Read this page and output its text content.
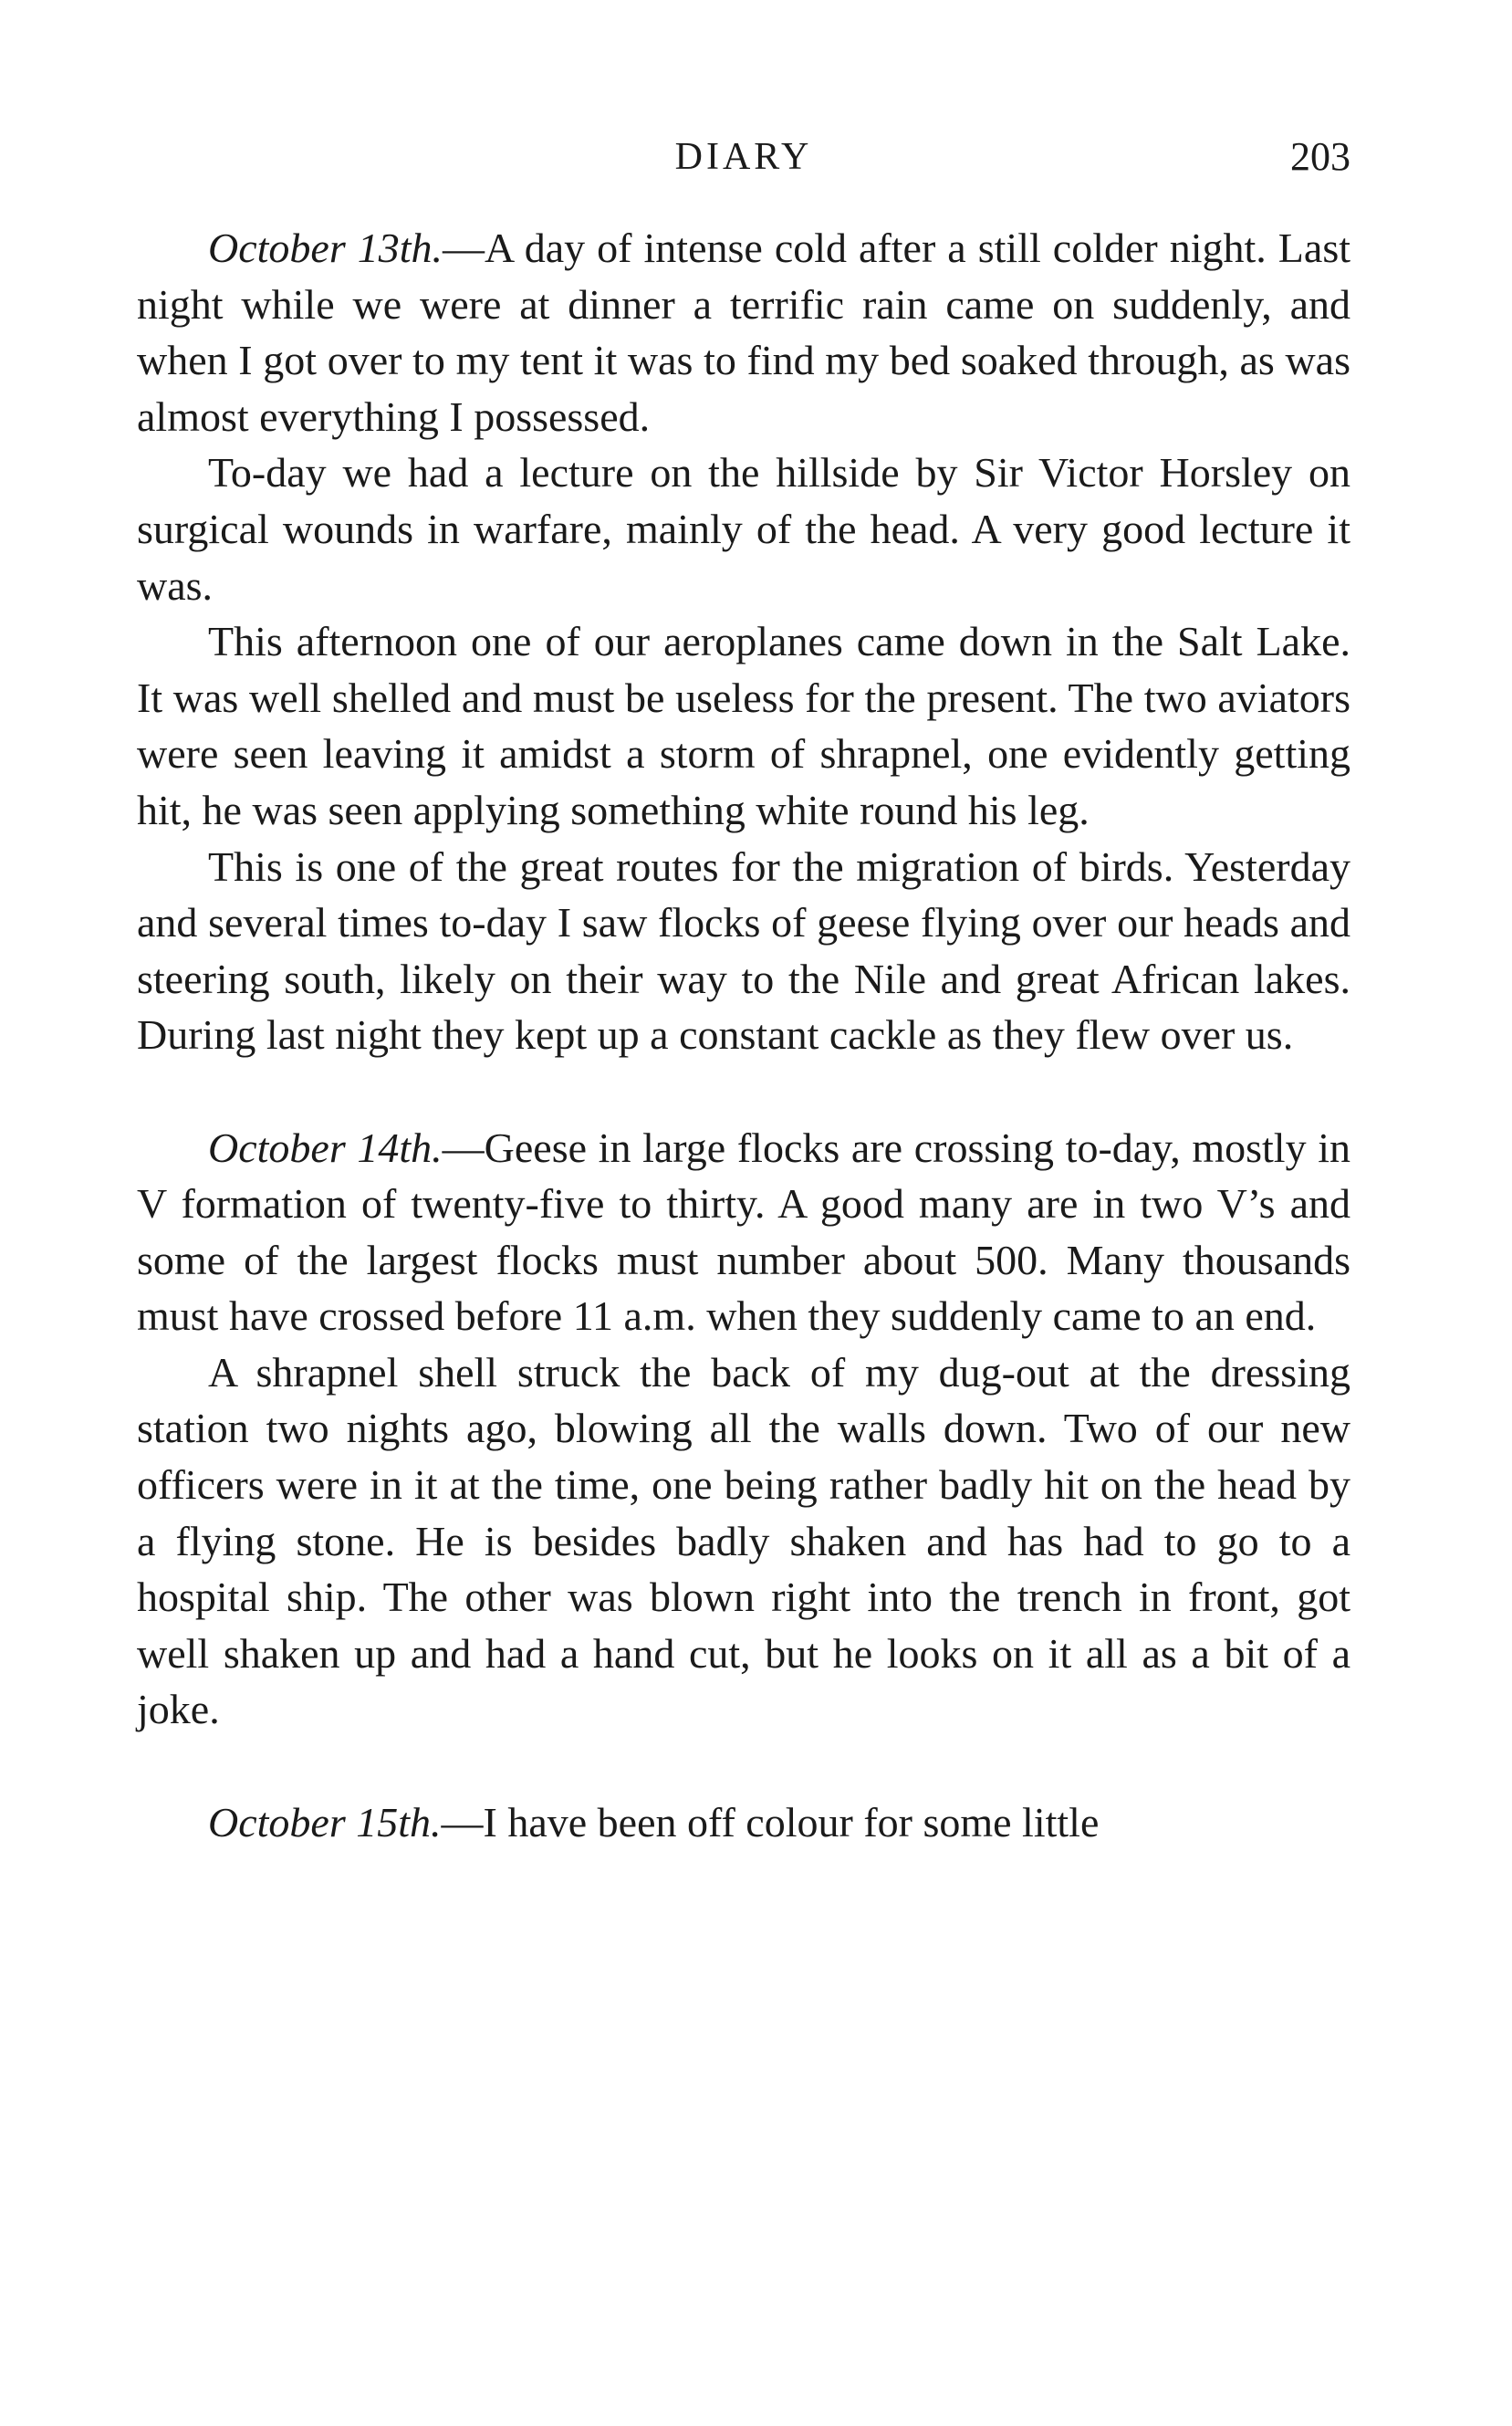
DIARY	203

October 13th.—A day of intense cold after a still colder night. Last night while we were at dinner a terrific rain came on suddenly, and when I got over to my tent it was to find my bed soaked through, as was almost everything I possessed.

To-day we had a lecture on the hillside by Sir Victor Horsley on surgical wounds in warfare, mainly of the head. A very good lecture it was.

This afternoon one of our aeroplanes came down in the Salt Lake. It was well shelled and must be useless for the present. The two aviators were seen leaving it amidst a storm of shrapnel, one evidently getting hit, he was seen applying something white round his leg.

This is one of the great routes for the migration of birds. Yesterday and several times to-day I saw flocks of geese flying over our heads and steering south, likely on their way to the Nile and great African lakes. During last night they kept up a constant cackle as they flew over us.

October 14th.—Geese in large flocks are crossing to-day, mostly in V formation of twenty-five to thirty. A good many are in two V’s and some of the largest flocks must number about 500. Many thousands must have crossed before 11 a.m. when they suddenly came to an end.

A shrapnel shell struck the back of my dug-out at the dressing station two nights ago, blowing all the walls down. Two of our new officers were in it at the time, one being rather badly hit on the head by a flying stone. He is besides badly shaken and has had to go to a hospital ship. The other was blown right into the trench in front, got well shaken up and had a hand cut, but he looks on it all as a bit of a joke.

October 15th.—I have been off colour for some little
